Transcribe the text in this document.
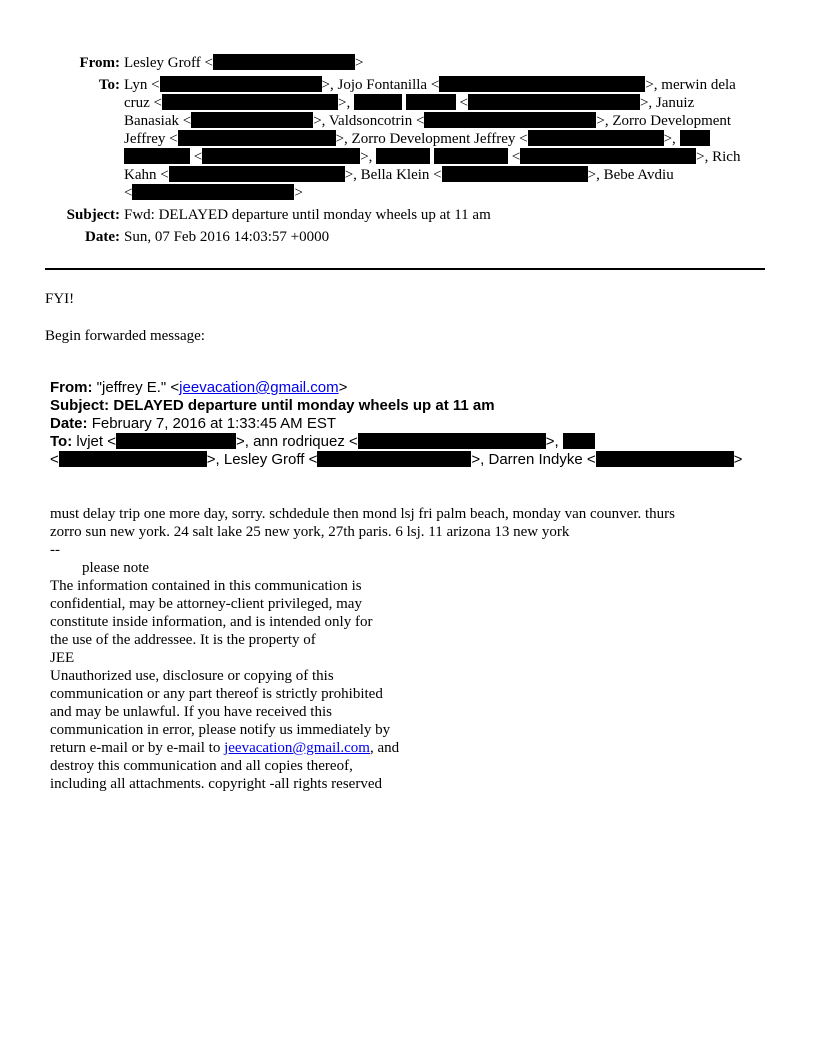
From: Lesley Groff <	>
To: Lyn <	>, Jojo Fontanilla <	>, merwin dela
cruz <	>,	<	>, Januiz
Banasiak <	>, Valdsoncotrin <	>, Zorro Development
Jeffrey <	>, Zorro Development Jeffrey <	>,
<	>,	<	>, Rich
Kahn <	>, Bella Klein <	>, Bebe Avdiu
<	>
Subject: Fwd: DELAYED departure until monday wheels up at 11 am
Date: Sun, 07 Feb 2016 14:03:57 +0000
FYI!
Begin forwarded message:
From: "jeffrey E." <jeevacation@gmail.com>
Subject: DELAYED departure until monday wheels up at 11 am
Date: February 7, 2016 at 1:33:45 AM EST
To: lvjet <	>, ann rodriquez <	>,
<	>, Lesley Groff <	>, Darren Indyke <	>
must delay trip one more day, sorry. schdedule then mond lsj fri palm beach, monday van counver. thurs
zorro sun new york. 24 salt lake 25 new york, 27th paris. 6 lsj. 11 arizona 13 new york
--
please note
The information contained in this communication is
confidential, may be attorney-client privileged, may
constitute inside information, and is intended only for
the use of the addressee. It is the property of
JEE
Unauthorized use, disclosure or copying of this
communication or any part thereof is strictly prohibited
and may be unlawful. If you have received this
communication in error, please notify us immediately by
return e-mail or by e-mail to jeevacation@gmail.com, and
destroy this communication and all copies thereof,
including all attachments. copyright -all rights reserved
